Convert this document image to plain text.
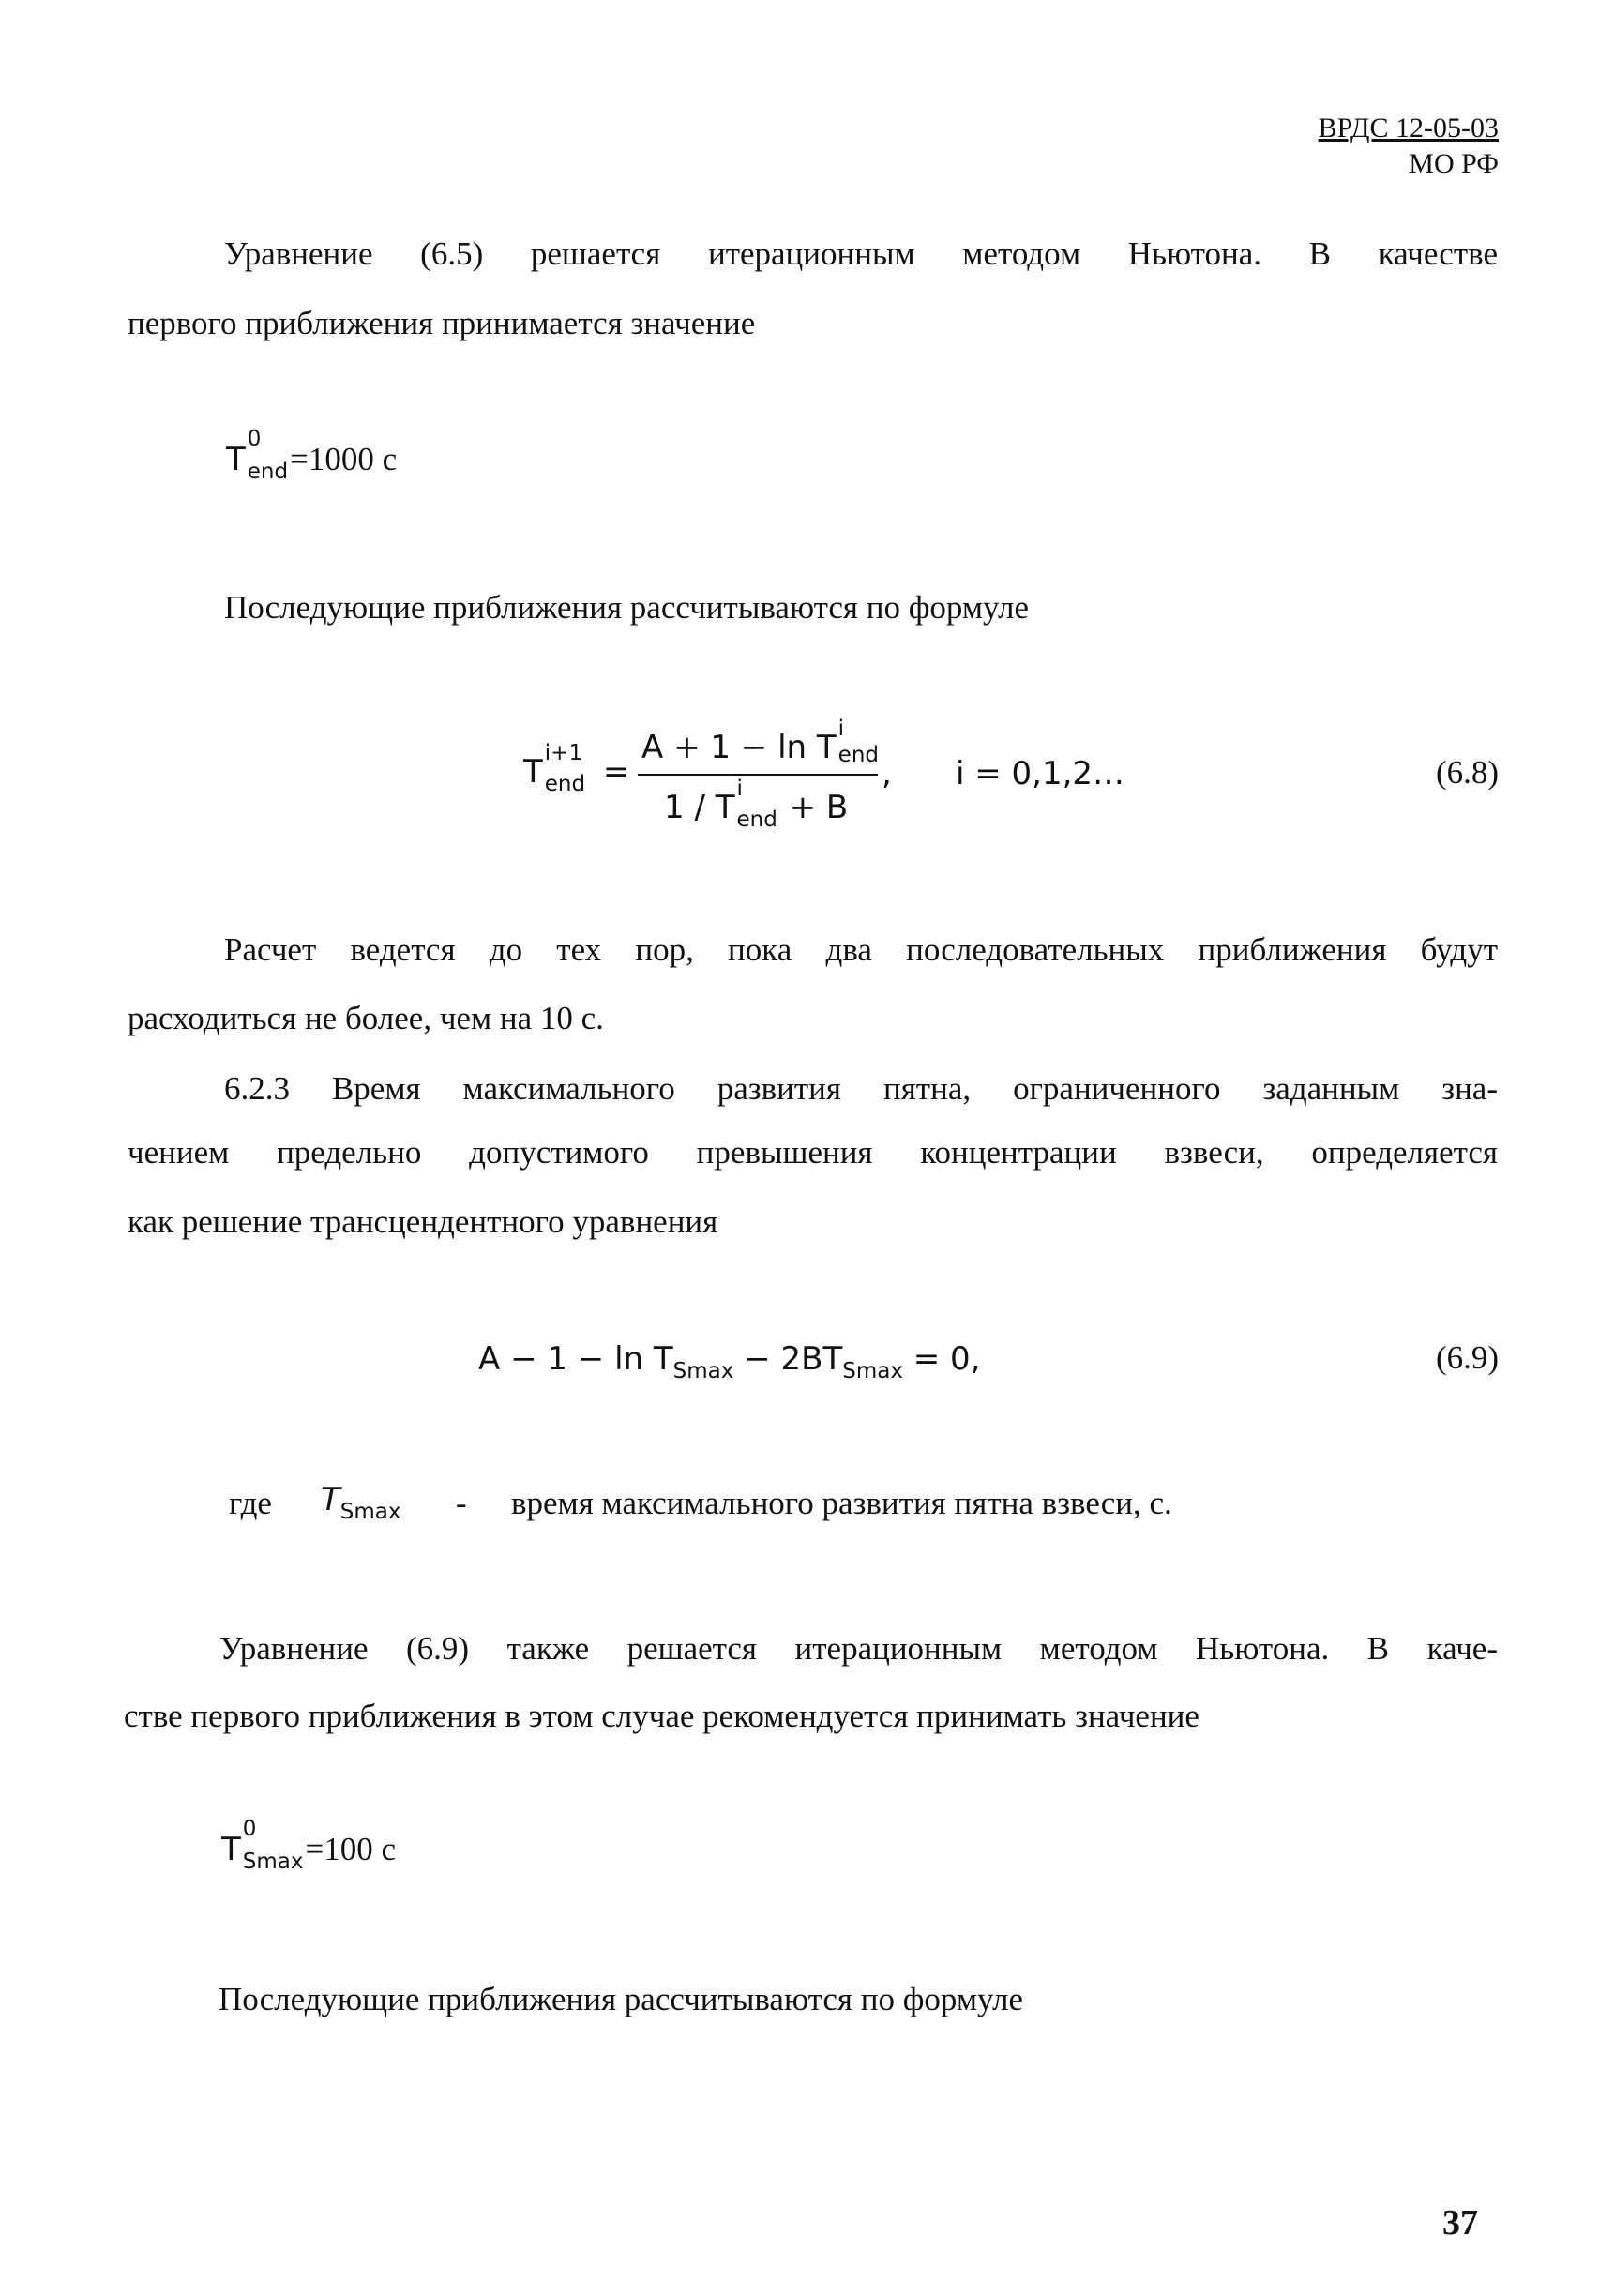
ВРДС 12-05-03
МО РФ
Уравнение (6.5) решается итерационным методом Ньютона. В качестве
первого приближения принимается значение
T
0
$_{end}$=1000 с
Последующие приближения рассчитываются по формуле
T i+1
$_{end}$ =
A + 1 − ln T i
end
1 / T i
$_{end}$ + B
, i = 0,1,2…	(6.8)
Расчет ведется до тех пор, пока два последовательных приближения будут
расходиться не более, чем на 10 с.
6.2.3 Время максимального развития пятна, ограниченного заданным зна-
чением предельно допустимого превышения концентрации взвеси, определяется
как решение трансцендентного уравнения
$A - 1 - \ln T_{Smax} - 2BT_{Smax} = 0$,	(6.9)
где $T_{Smax}$ - время максимального развития пятна взвеси, с.
Уравнение (6.9) также решается итерационным методом Ньютона. В каче-
стве первого приближения в этом случае рекомендуется принимать значение
T
0
$_{Smax}$=100 с
Последующие приближения рассчитываются по формуле
37
